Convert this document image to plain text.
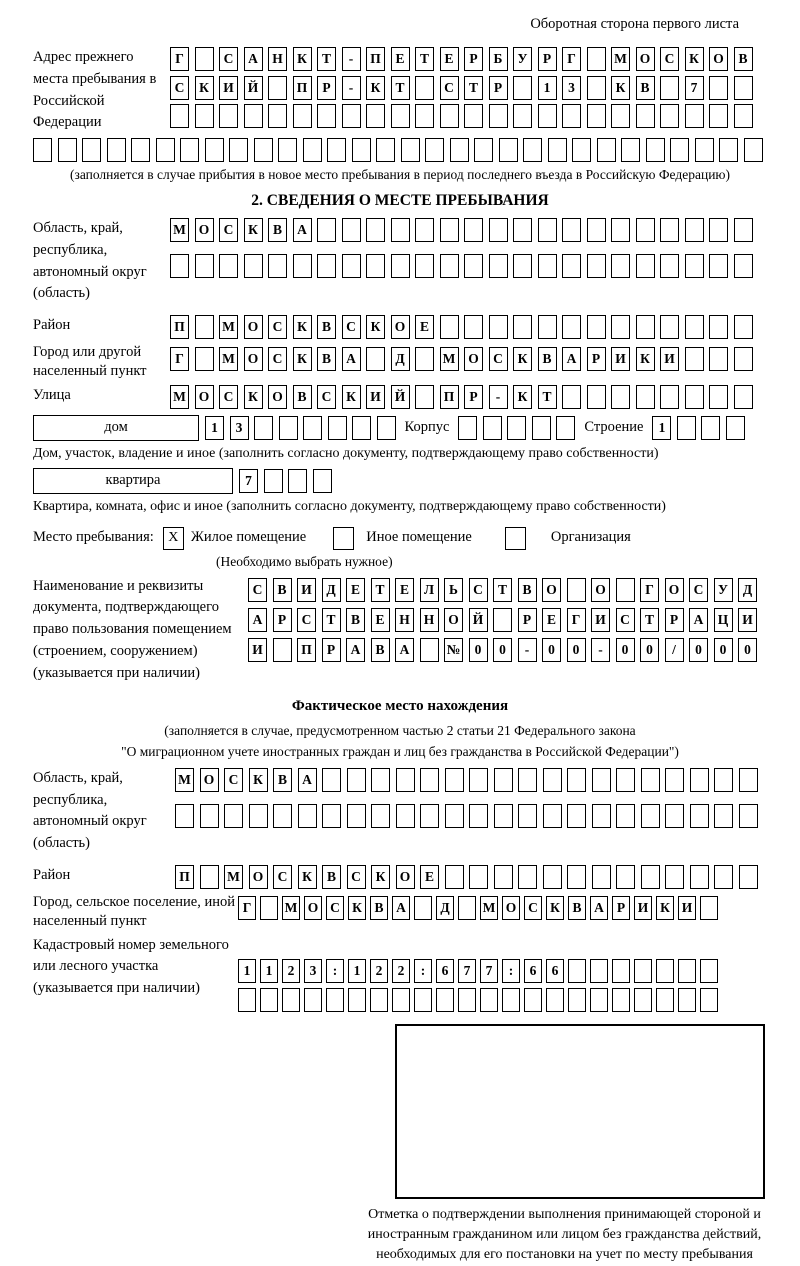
Оборотная сторона первого листа
Адрес прежнего места пребывания в Российской Федерации
Г	С	А	Н	К	Т	-	П	Е	Т	Е	Р	Б	У	Р	Г	М О	С	К	О	В
С	К	И	Й	П	Р	-	К	Т	С	Т	Р	1	3	К	В	7
(заполняется в случае прибытия в новое место пребывания в период последнего въезда в Российскую Федерацию)
2. СВЕДЕНИЯ О МЕСТЕ ПРЕБЫВАНИЯ
Область, край, республика, автономный округ (область)
М О	С	К	В	А
Район	П	М О	С	К	В	С	К	О	Е
Город или другой населенный пункт
Г	М О	С	К	В	А	Д	М О	С	К	В	А	Р	И	К	И
Улица	М О	С	К	О	В	С	К	И	Й	П	Р	-	К	Т
дом	1	3	Корпус	Строение	1
Дом, участок, владение и иное (заполнить согласно документу, подтверждающему право собственности)
квартира	7
Квартира, комната, офис и иное (заполнить согласно документу, подтверждающему право собственности)
Место пребывания:	X Жилое помещение	Иное помещение	Организация
(Необходимо выбрать нужное)
Наименование и реквизиты документа, подтверждающего право пользования помещением (строением, сооружением) (указывается при наличии)
С	В	И	Д	Е	Т	Е	Л	Ь	С	Т	В	О	О	Г	О	С	У	Д
А	Р	С	Т	В	Е	Н	Н	О	Й	Р	Е	Г	И	С	Т	Р	А	Ц	И
И	П	Р	А	В	А	№	0	0	-	0	0	-	0	0	/	0	0	0
Фактическое место нахождения
(заполняется в случае, предусмотренном частью 2 статьи 21 Федерального закона
"О миграционном учете иностранных граждан и лиц без гражданства в Российской Федерации")
Область, край, республика, автономный округ (область)
М О	С	К	В	А
Район	П	М О	С	К	В	С	К	О	Е
Город, сельское поселение, иной населенный пункт
Г	М О С К В А	Д	М О С К В А Р И К И
Кадастровый номер земельного или лесного участка (указывается при наличии)
1	1	2	3	:	1	2	2	:	6	7	7	:	6	6
Отметка о подтверждении выполнения принимающей стороной и иностранным гражданином или лицом без гражданства действий, необходимых для его постановки на учет по месту пребывания
